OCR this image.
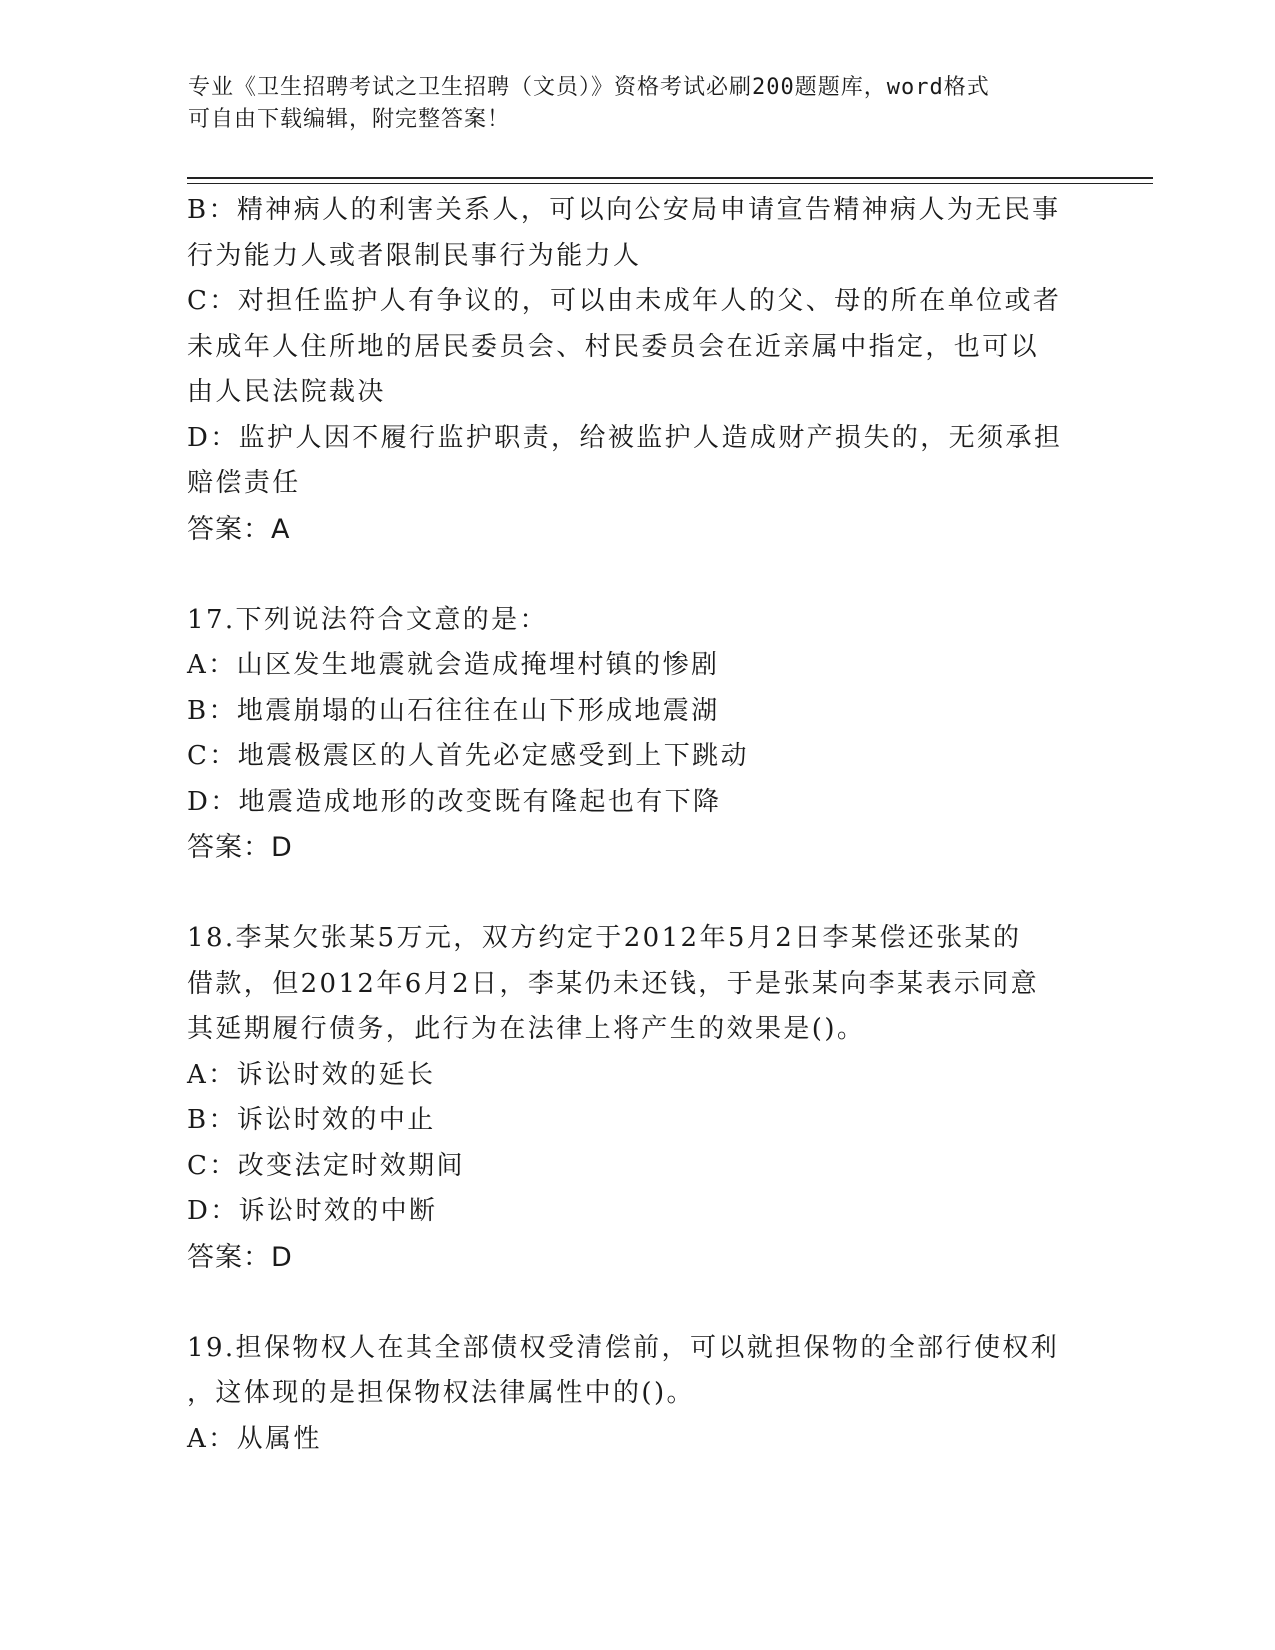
专业《卫生招聘考试之卫生招聘（文员）》资格考试必刷200题题库，word格式
可自由下载编辑，附完整答案！
B：精神病人的利害关系人，可以向公安局申请宣告精神病人为无民事
行为能力人或者限制民事行为能力人
C：对担任监护人有争议的，可以由未成年人的父、母的所在单位或者
未成年人住所地的居民委员会、村民委员会在近亲属中指定，也可以
由人民法院裁决
D：监护人因不履行监护职责，给被监护人造成财产损失的，无须承担
赔偿责任
答案：A
17.下列说法符合文意的是：
A：山区发生地震就会造成掩埋村镇的惨剧
B：地震崩塌的山石往往在山下形成地震湖
C：地震极震区的人首先必定感受到上下跳动
D：地震造成地形的改变既有隆起也有下降
答案：D
18.李某欠张某5万元，双方约定于2012年5月2日李某偿还张某的
借款，但2012年6月2日，李某仍未还钱，于是张某向李某表示同意
其延期履行债务，此行为在法律上将产生的效果是()。
A：诉讼时效的延长
B：诉讼时效的中止
C：改变法定时效期间
D：诉讼时效的中断
答案：D
19.担保物权人在其全部债权受清偿前，可以就担保物的全部行使权利
，这体现的是担保物权法律属性中的()。
A：从属性
